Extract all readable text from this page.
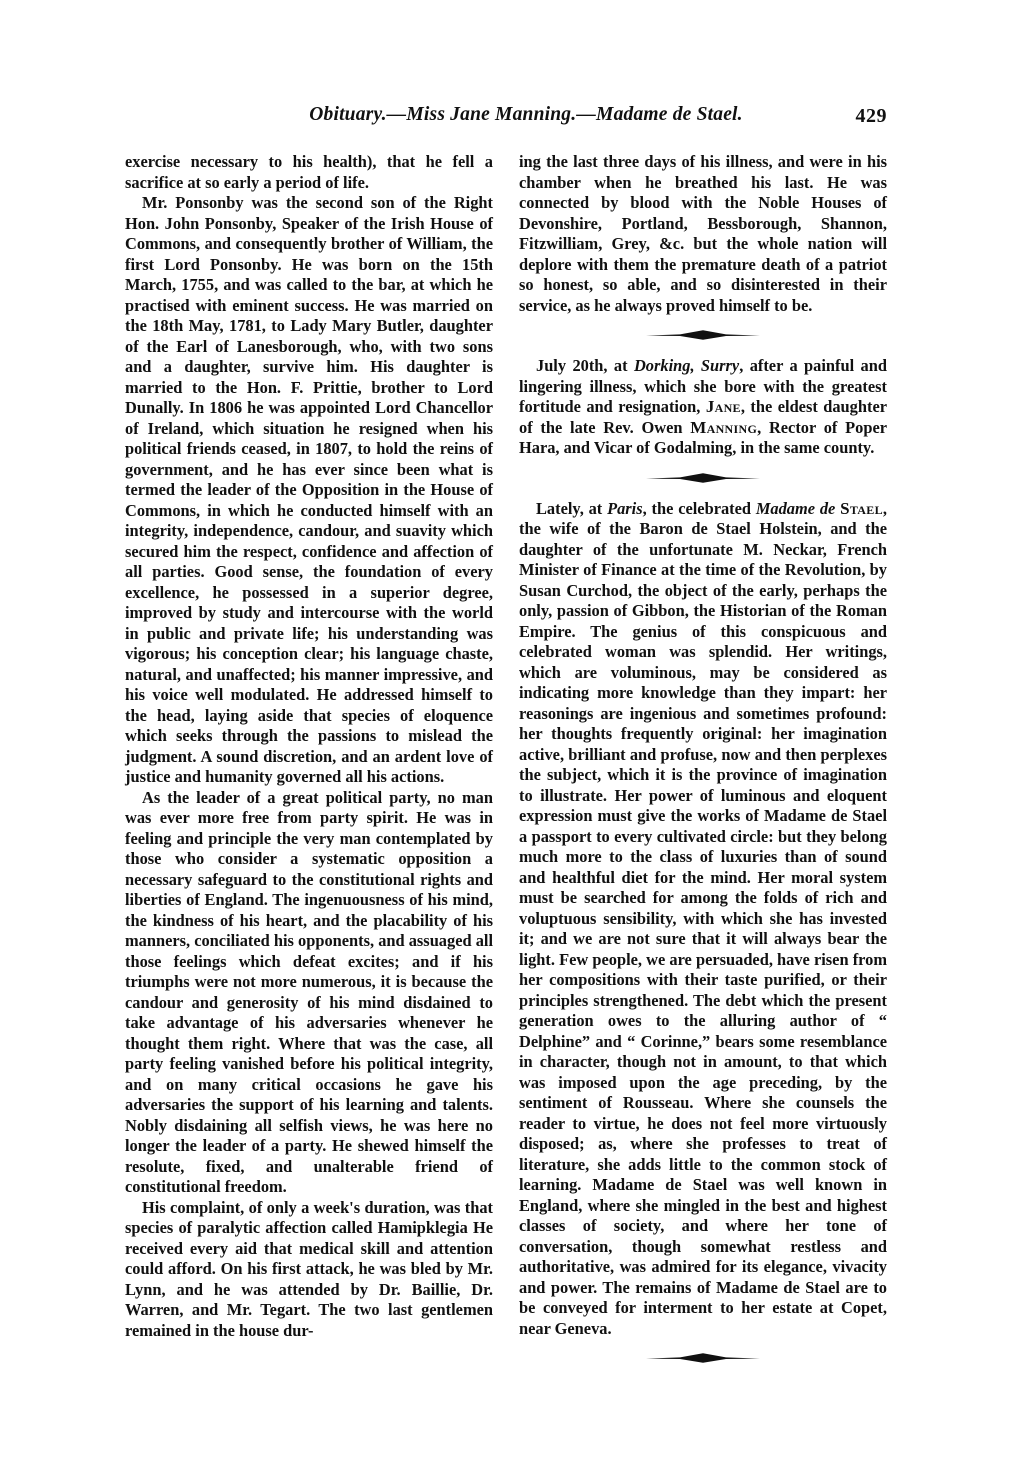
Obituary.—Miss Jane Manning.—Madame de Stael.	429

exercise necessary to his health), that he fell a sacrifice at so early a period of life.

Mr. Ponsonby was the second son of the Right Hon. John Ponsonby, Speaker of the Irish House of Commons, and consequently brother of William, the first Lord Ponsonby. He was born on the 15th March, 1755, and was called to the bar, at which he practised with eminent success. He was married on the 18th May, 1781, to Lady Mary Butler, daughter of the Earl of Lanesborough, who, with two sons and a daughter, survive him. His daughter is married to the Hon. F. Prittie, brother to Lord Dunally. In 1806 he was appointed Lord Chancellor of Ireland, which situation he resigned when his political friends ceased, in 1807, to hold the reins of government, and he has ever since been what is termed the leader of the Opposition in the House of Commons, in which he conducted himself with an integrity, independence, candour, and suavity which secured him the respect, confidence and affection of all parties. Good sense, the foundation of every excellence, he possessed in a superior degree, improved by study and intercourse with the world in public and private life; his understanding was vigorous; his conception clear; his language chaste, natural, and unaffected; his manner impressive, and his voice well modulated. He addressed himself to the head, laying aside that species of eloquence which seeks through the passions to mislead the judgment. A sound discretion, and an ardent love of justice and humanity governed all his actions.

As the leader of a great political party, no man was ever more free from party spirit. He was in feeling and principle the very man contemplated by those who consider a systematic opposition a necessary safeguard to the constitutional rights and liberties of England. The ingenuousness of his mind, the kindness of his heart, and the placability of his manners, conciliated his opponents, and assuaged all those feelings which defeat excites; and if his triumphs were not more numerous, it is because the candour and generosity of his mind disdained to take advantage of his adversaries whenever he thought them right. Where that was the case, all party feeling vanished before his political integrity, and on many critical occasions he gave his adversaries the support of his learning and talents. Nobly disdaining all selfish views, he was here no longer the leader of a party. He shewed himself the resolute, fixed, and unalterable friend of constitutional freedom.

His complaint, of only a week's duration, was that species of paralytic affection called Hamipklegia He received every aid that medical skill and attention could afford. On his first attack, he was bled by Mr. Lynn, and he was attended by Dr. Baillie, Dr. Warren, and Mr. Tegart. The two last gentlemen remained in the house dur-

ing the last three days of his illness, and were in his chamber when he breathed his last. He was connected by blood with the Noble Houses of Devonshire, Portland, Bessborough, Shannon, Fitzwilliam, Grey, &c. but the whole nation will deplore with them the premature death of a patriot so honest, so able, and so disinterested in their service, as he always proved himself to be.

July 20th, at Dorking, Surry, after a painful and lingering illness, which she bore with the greatest fortitude and resignation, Jane, the eldest daughter of the late Rev. Owen Manning, Rector of Poper Hara, and Vicar of Godalming, in the same county.

Lately, at Paris, the celebrated Madame de Stael, the wife of the Baron de Stael Holstein, and the daughter of the unfortunate M. Neckar, French Minister of Finance at the time of the Revolution, by Susan Curchod, the object of the early, perhaps the only, passion of Gibbon, the Historian of the Roman Empire. The genius of this conspicuous and celebrated woman was splendid. Her writings, which are voluminous, may be considered as indicating more knowledge than they impart: her reasonings are ingenious and sometimes profound: her thoughts frequently original: her imagination active, brilliant and profuse, now and then perplexes the subject, which it is the province of imagination to illustrate. Her power of luminous and eloquent expression must give the works of Madame de Stael a passport to every cultivated circle: but they belong much more to the class of luxuries than of sound and healthful diet for the mind. Her moral system must be searched for among the folds of rich and voluptuous sensibility, with which she has invested it; and we are not sure that it will always bear the light. Few people, we are persuaded, have risen from her compositions with their taste purified, or their principles strengthened. The debt which the present generation owes to the alluring author of “ Delphine” and “ Corinne,” bears some resemblance in character, though not in amount, to that which was imposed upon the age preceding, by the sentiment of Rousseau. Where she counsels the reader to virtue, he does not feel more virtuously disposed; as, where she professes to treat of literature, she adds little to the common stock of learning. Madame de Stael was well known in England, where she mingled in the best and highest classes of society, and where her tone of conversation, though somewhat restless and authoritative, was admired for its elegance, vivacity and power. The remains of Madame de Stael are to be conveyed for interment to her estate at Copet, near Geneva.
